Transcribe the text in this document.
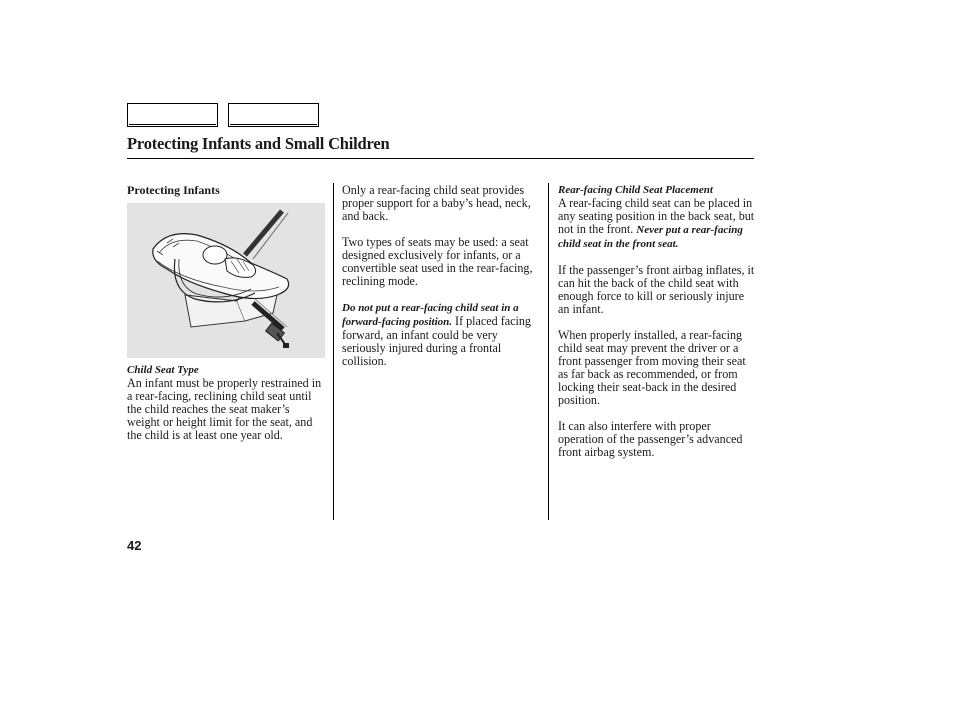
Protecting Infants and Small Children

Protecting Infants

Child Seat Type

An infant must be properly restrained in a rear-facing, reclining child seat until the child reaches the seat maker’s weight or height limit for the seat, and the child is at least one year old.

Only a rear-facing child seat provides proper support for a baby’s head, neck, and back.

Two types of seats may be used: a seat designed exclusively for infants, or a convertible seat used in the rear-facing, reclining mode.

Do not put a rear-facing child seat in a forward-facing position. If placed facing forward, an infant could be very seriously injured during a frontal collision.

Rear-facing Child Seat Placement

A rear-facing child seat can be placed in any seating position in the back seat, but not in the front. Never put a rear-facing child seat in the front seat.

If the passenger’s front airbag inflates, it can hit the back of the child seat with enough force to kill or seriously injure an infant.

When properly installed, a rear-facing child seat may prevent the driver or a front passenger from moving their seat as far back as recommended, or from locking their seat-back in the desired position.

It can also interfere with proper operation of the passenger’s advanced front airbag system.

42
